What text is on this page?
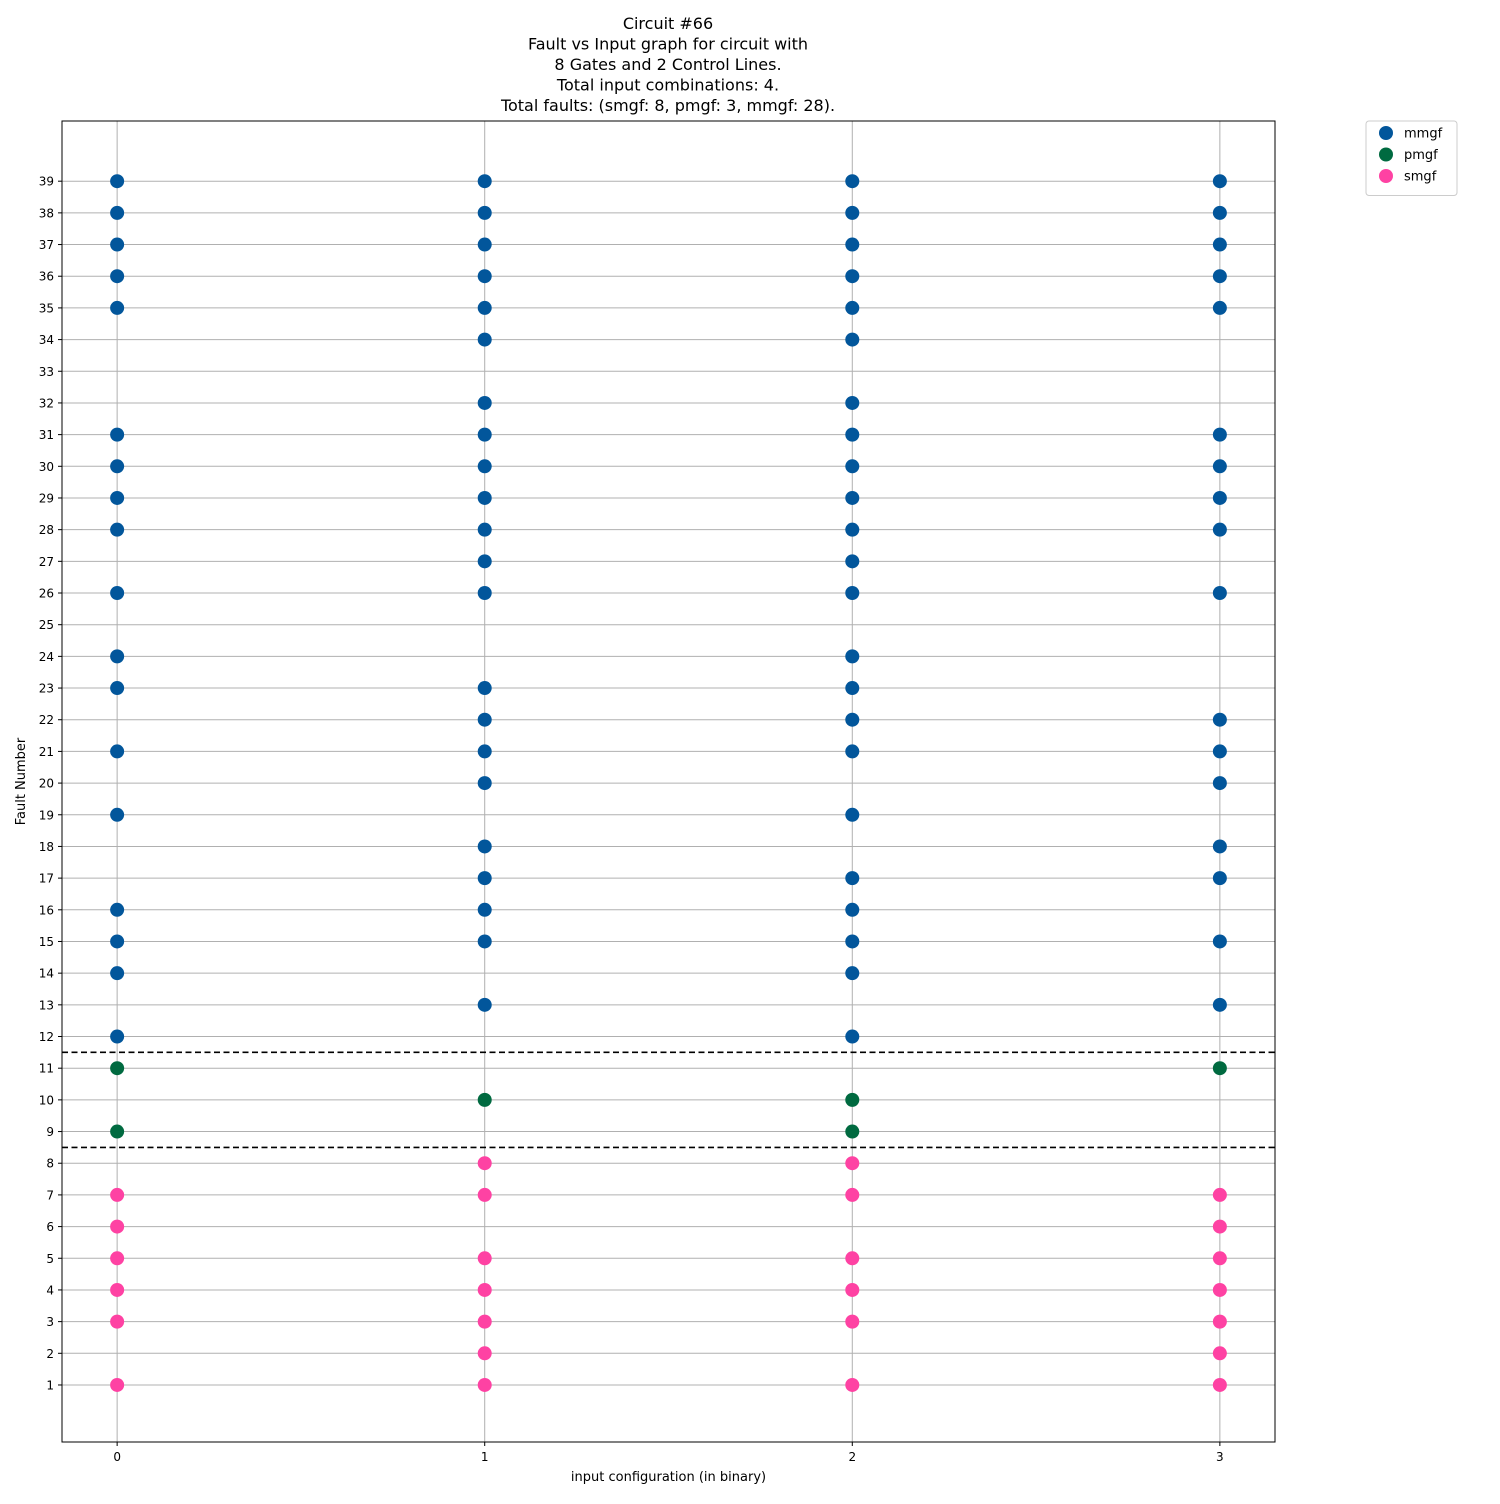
Circuit #66
Fault vs Input graph for circuit with
8 Gates and 2 Control Lines.
Total input combinations: 4.
Total faults: (smgf: 8, pmgf: 3, mmgf: 28).
0	1	2	3
1
2
3
4
5
6
7
8
9
10
11
12
13
14
15
16
17
18
19
20
21
22
23
24
25
26
27
28
29
30
31
32
33
34
35
36
37
38
39
input configuration (in binary)
Fault Number
mmgf
pmgf
smgf
